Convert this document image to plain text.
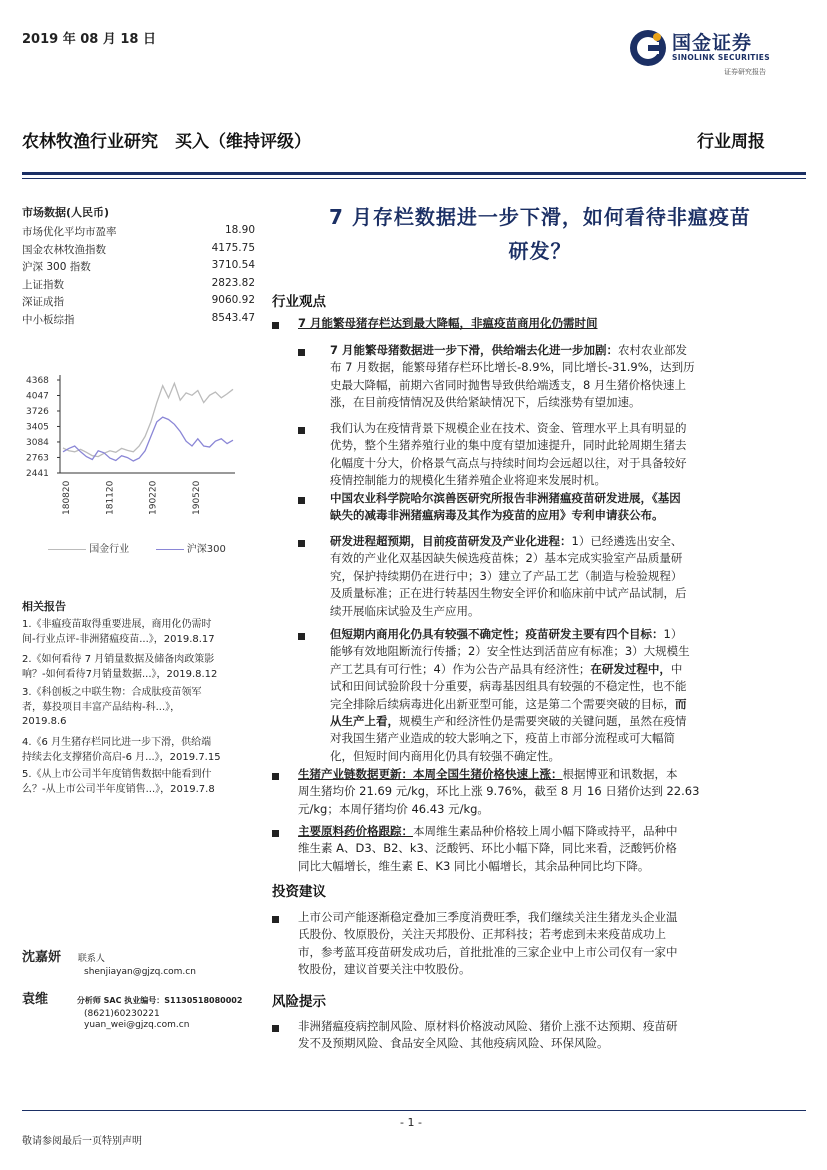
2019 年 08 月 18 日	国金证券
SINOLINK SECURITIES
证券研究报告
农林牧渔行业研究　买入（维持评级）	行业周报
市场数据(人民币)
市场优化平均市盈率	18.90
国金农林牧渔指数	4175.75
沪深 300 指数	3710.54
上证指数	2823.82
深证成指	9060.92
中小板综指	8543.47
4368
4047
3726
3405
3084
2763
2441
180820	181120	190220	190520
国金行业	沪深300
相关报告
1.《非瘟疫苗取得重要进展，商用化仍需时
间-行业点评-非洲猪瘟疫苗...》，2019.8.17
2.《如何看待 7 月销量数据及储备肉政策影
响？-如何看待7月销量数据...》，2019.8.12
3.《科创板之中联生物：合成肽疫苗领军
者，募投项目丰富产品结构-科...》，
2019.8.6
4.《6 月生猪存栏同比进一步下滑，供给端
持续去化支撑猪价高启-6 月...》，2019.7.15
5.《从上市公司半年度销售数据中能看到什
么？-从上市公司半年度销售...》，2019.7.8
沈嘉妍 联系人
shenjiayan@gjzq.com.cn
袁维	分析师 SAC 执业编号：S1130518080002
(8621)60230221
yuan_wei@gjzq.com.cn
7 月存栏数据进一步下滑，如何看待非瘟疫苗
研发？
行业观点
7 月能繁母猪存栏达到最大降幅，非瘟疫苗商用化仍需时间
7 月能繁母猪数据进一步下滑，供给端去化进一步加剧：农村农业部发
布 7 月数据，能繁母猪存栏环比增长-8.9%，同比增长-31.9%，达到历
史最大降幅，前期六省同时抛售导致供给端透支，8 月生猪价格快速上
涨，在目前疫情情况及供给紧缺情况下，后续涨势有望加速。
我们认为在疫情背景下规模企业在技术、资金、管理水平上具有明显的
优势，整个生猪养殖行业的集中度有望加速提升，同时此轮周期生猪去
化幅度十分大，价格景气高点与持续时间均会远超以往，对于具备较好
疫情控制能力的规模化生猪养殖企业将迎来发展时机。
中国农业科学院哈尔滨兽医研究所报告非洲猪瘟疫苗研发进展，《基因
缺失的减毒非洲猪瘟病毒及其作为疫苗的应用》专利申请获公布。
研发进程超预期，目前疫苗研发及产业化进程：1）已经遴选出安全、
有效的产业化双基因缺失候选疫苗株；2）基本完成实验室产品质量研
究，保护持续期仍在进行中；3）建立了产品工艺（制造与检验规程）
及质量标准；正在进行转基因生物安全评价和临床前中试产品试制，后
续开展临床试验及生产应用。
但短期内商用化仍具有较强不确定性；疫苗研发主要有四个目标：1）
能够有效地阻断流行传播；2）安全性达到活苗应有标准；3）大规模生
产工艺具有可行性；4）作为公告产品具有经济性；在研发过程中，中
试和田间试验阶段十分重要，病毒基因组具有较强的不稳定性，也不能
完全排除后续病毒进化出新亚型可能，这是第二个需要突破的目标，而
从生产上看，规模生产和经济性仍是需要突破的关键问题，虽然在疫情
对我国生猪产业造成的较大影响之下，疫苗上市部分流程或可大幅简
化，但短时间内商用化仍具有较强不确定性。
生猪产业链数据更新：本周全国生猪价格快速上涨：根据博亚和讯数据，本
周生猪均价 21.69 元/kg，环比上涨 9.76%，截至 8 月 16 日猪价达到 22.63
元/kg；本周仔猪均价 46.43 元/kg。
主要原料药价格跟踪：本周维生素品种价格较上周小幅下降或持平，品种中
维生素 A、D3、B2、k3、泛酸钙、环比小幅下降，同比来看，泛酸钙价格
同比大幅增长，维生素 E、K3 同比小幅增长，其余品种同比均下降。
投资建议
上市公司产能逐渐稳定叠加三季度消费旺季，我们继续关注生猪龙头企业温
氏股份、牧原股份，关注天邦股份、正邦科技；若考虑到未来疫苗成功上
市，参考蓝耳疫苗研发成功后，首批批准的三家企业中上市公司仅有一家中
牧股份，建议首要关注中牧股份。
风险提示
非洲猪瘟疫病控制风险、原材料价格波动风险、猪价上涨不达预期、疫苗研
发不及预期风险、食品安全风险、其他疫病风险、环保风险。
- 1 -
敬请参阅最后一页特别声明
